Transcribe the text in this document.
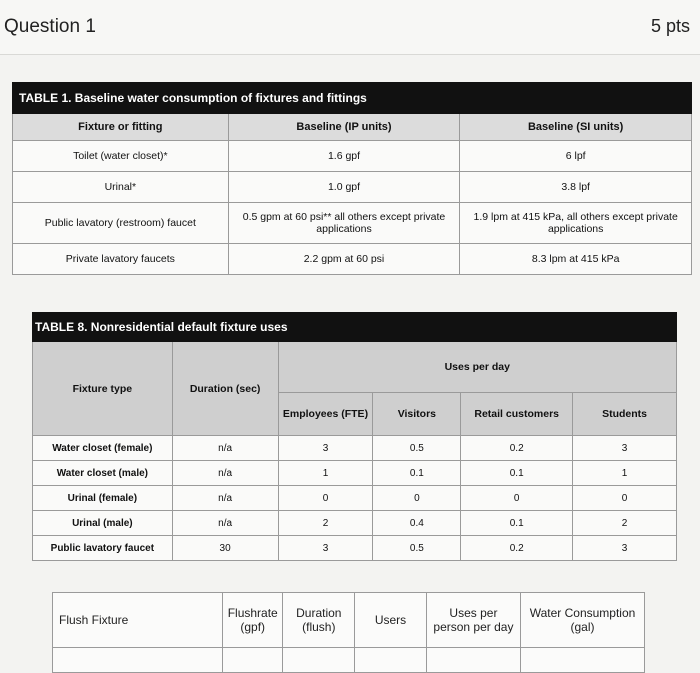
Question 1	5 pts
TABLE 1. Baseline water consumption of fixtures and fittings		
Fixture or fitting	Baseline (IP units)	Baseline (SI units)
Toilet (water closet)*	1.6 gpf	6 lpf
Urinal*	1.0 gpf	3.8 lpf
Public lavatory (restroom) faucet	0.5 gpm at 60 psi** all others except private applications	1.9 lpm at 415 kPa, all others except private applications
Private lavatory faucets	2.2 gpm at 60 psi	8.3 lpm at 415 kPa
TABLE 8. Nonresidential default fixture uses					
Fixture type	Duration (sec)	Uses per day			
		Employees (FTE)	Visitors	Retail customers	Students
Water closet (female)	n/a	3	0.5	0.2	3
Water closet (male)	n/a	1	0.1	0.1	1
Urinal (female)	n/a	0	0	0	0
Urinal (male)	n/a	2	0.4	0.1	2
Public lavatory faucet	30	3	0.5	0.2	3
Flush Fixture	Flushrate (gpf)	Duration (flush)	Users	Uses per person per day	Water Consumption (gal)
